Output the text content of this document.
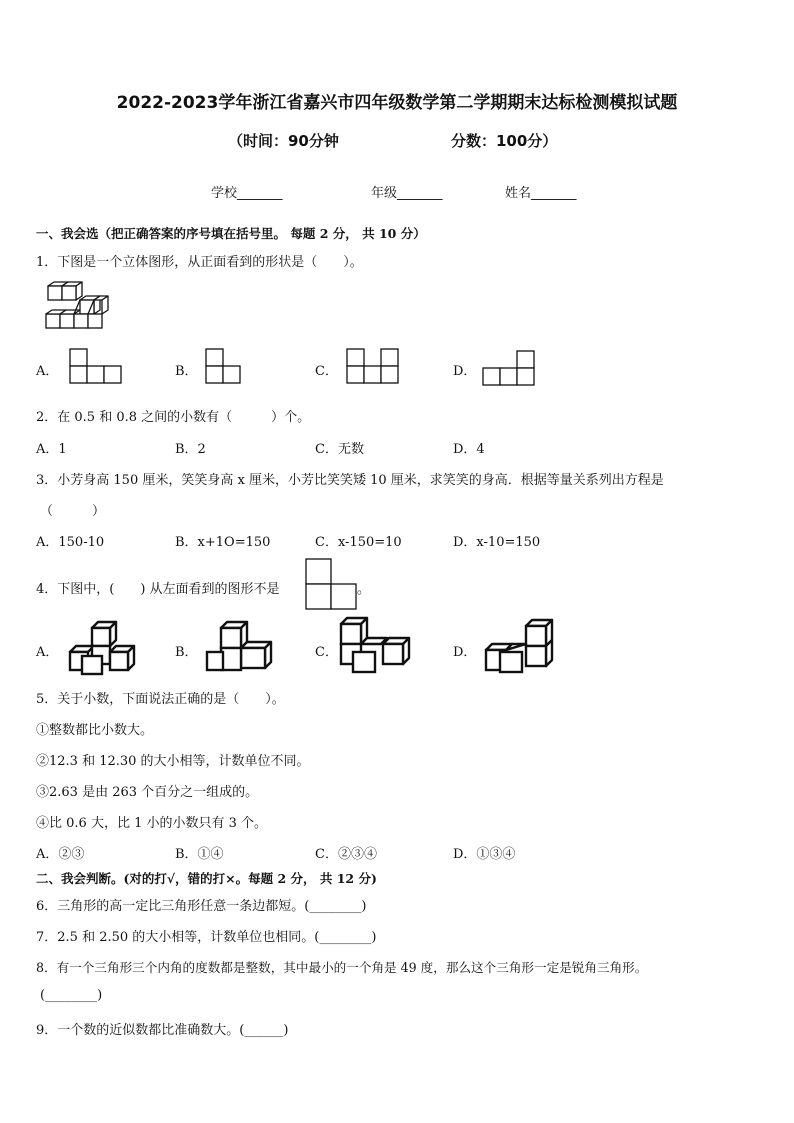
2022-2023学年浙江省嘉兴市四年级数学第二学期期末达标检测模拟试题
（时间：90分钟	分数：100分）
学校_______	年级_______	姓名_______
一、我会选（把正确答案的序号填在括号里。 每题 2 分， 共 10 分）
1．下图是一个立体图形，从正面看到的形状是（　　）。
A．	B．	C．	D．
2．在 0.5 和 0.8 之间的小数有（　　　）个。
A．1	B．2	C．无数	D．4
3．小芳身高 150 厘米，笑笑身高 x 厘米，小芳比笑笑矮 10 厘米，求笑笑的身高．根据等量关系列出方程是
（　　　）
A．150-10	B．x+1O=150	C．x-150=10	D．x-10=150
4．下图中，(　　) 从左面看到的图形不是	。
A．	B．	C．	D．
5．关于小数，下面说法正确的是（　　）。
①整数都比小数大。
②12.3 和 12.30 的大小相等，计数单位不同。
③2.63 是由 263 个百分之一组成的。
④比 0.6 大，比 1 小的小数只有 3 个。
A．②③	B．①④	C．②③④	D．①③④
二、我会判断。(对的打√，错的打×。每题 2 分， 共 12 分)
6．三角形的高一定比三角形任意一条边都短。(________)
7．2.5 和 2.50 的大小相等，计数单位也相同。(________)
8．有一个三角形三个内角的度数都是整数，其中最小的一个角是 49 度，那么这个三角形一定是锐角三角形。
(________)
9．一个数的近似数都比准确数大。(______)
